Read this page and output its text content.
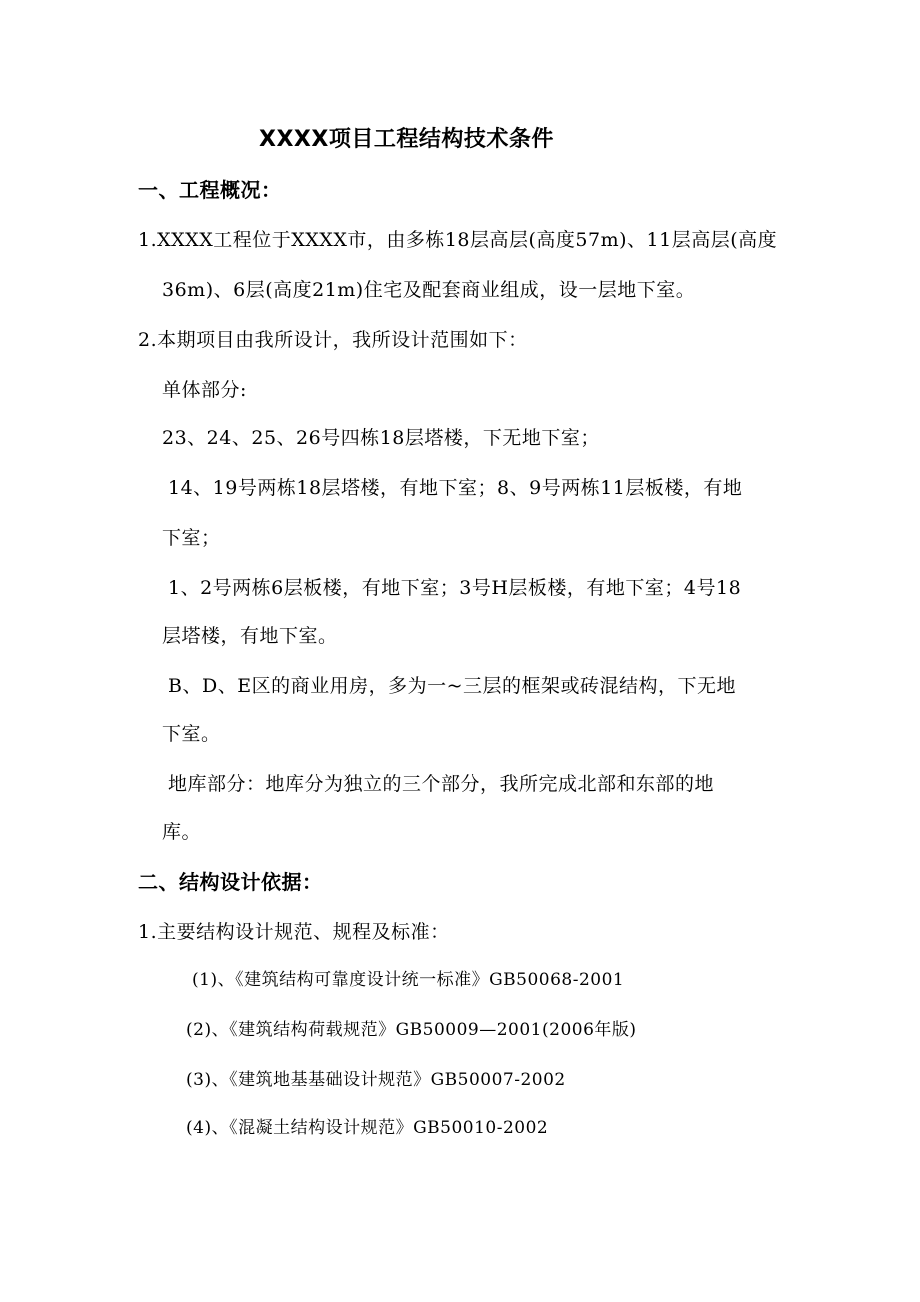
XXXX项目工程结构技术条件
一、工程概况：
1.XXXX工程位于XXXX市，由多栋18层高层(高度57m)、11层高层(高度
36m)、6层(高度21m)住宅及配套商业组成，设一层地下室。
2.本期项目由我所设计，我所设计范围如下：
单体部分:
23、24、25、26号四栋18层塔楼，下无地下室；
14、19号两栋18层塔楼，有地下室；8、9号两栋11层板楼，有地
下室；
1、2号两栋6层板楼，有地下室；3号H层板楼，有地下室；4号18
层塔楼，有地下室。
B、D、E区的商业用房，多为一~三层的框架或砖混结构，下无地
下室。
地库部分：地库分为独立的三个部分，我所完成北部和东部的地
库。
二、结构设计依据：
1.主要结构设计规范、规程及标准：
(1)、《建筑结构可靠度设计统一标准》GB50068-2001
(2)、《建筑结构荷载规范》GB50009—2001(2006年版)
(3)、《建筑地基基础设计规范》GB50007-2002
(4)、《混凝土结构设计规范》GB50010-2002
